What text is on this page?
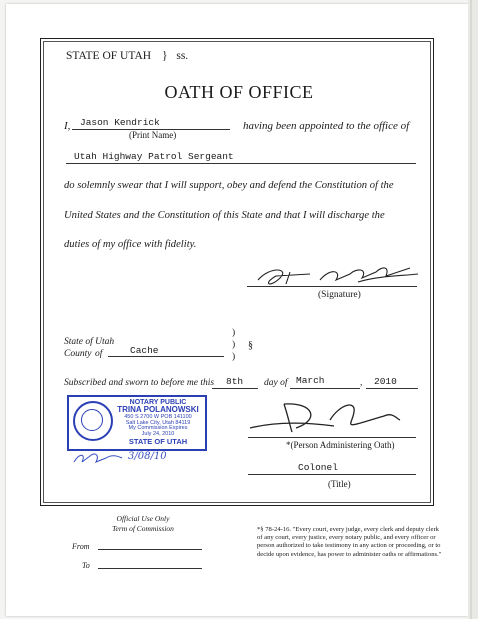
STATE OF UTAH } ss.
OATH OF OFFICE
I, Jason Kendrick
(Print Name)
having been appointed to the office of
Utah Highway Patrol Sergeant
do solemnly swear that I will support, obey and defend the Constitution of the
United States and the Constitution of this State and that I will discharge the
duties of my office with fidelity.
(Signature)
State of Utah
County of	Cache
)
)
)
§
Subscribed and sworn to before me this 8th day of March	, 2010
NOTARY PUBLIC
TRINA POLANOWSKI
450 S 2700 W POB 141100
Salt Lake City, Utah 84119
My Commission Expires
July 24, 2010
STATE OF UTAH
3/08/10
*(Person Administering Oath)
Colonel
(Title)
Official Use Only
Term of Commission
From
To
*§ 78-24-16. "Every court, every judge, every clerk and deputy clerk of any court, every justice, every notary public, and every officer or person authorized to take testimony in any action or proceeding, or to decide upon evidence, has power to administer oaths or affirmations."
